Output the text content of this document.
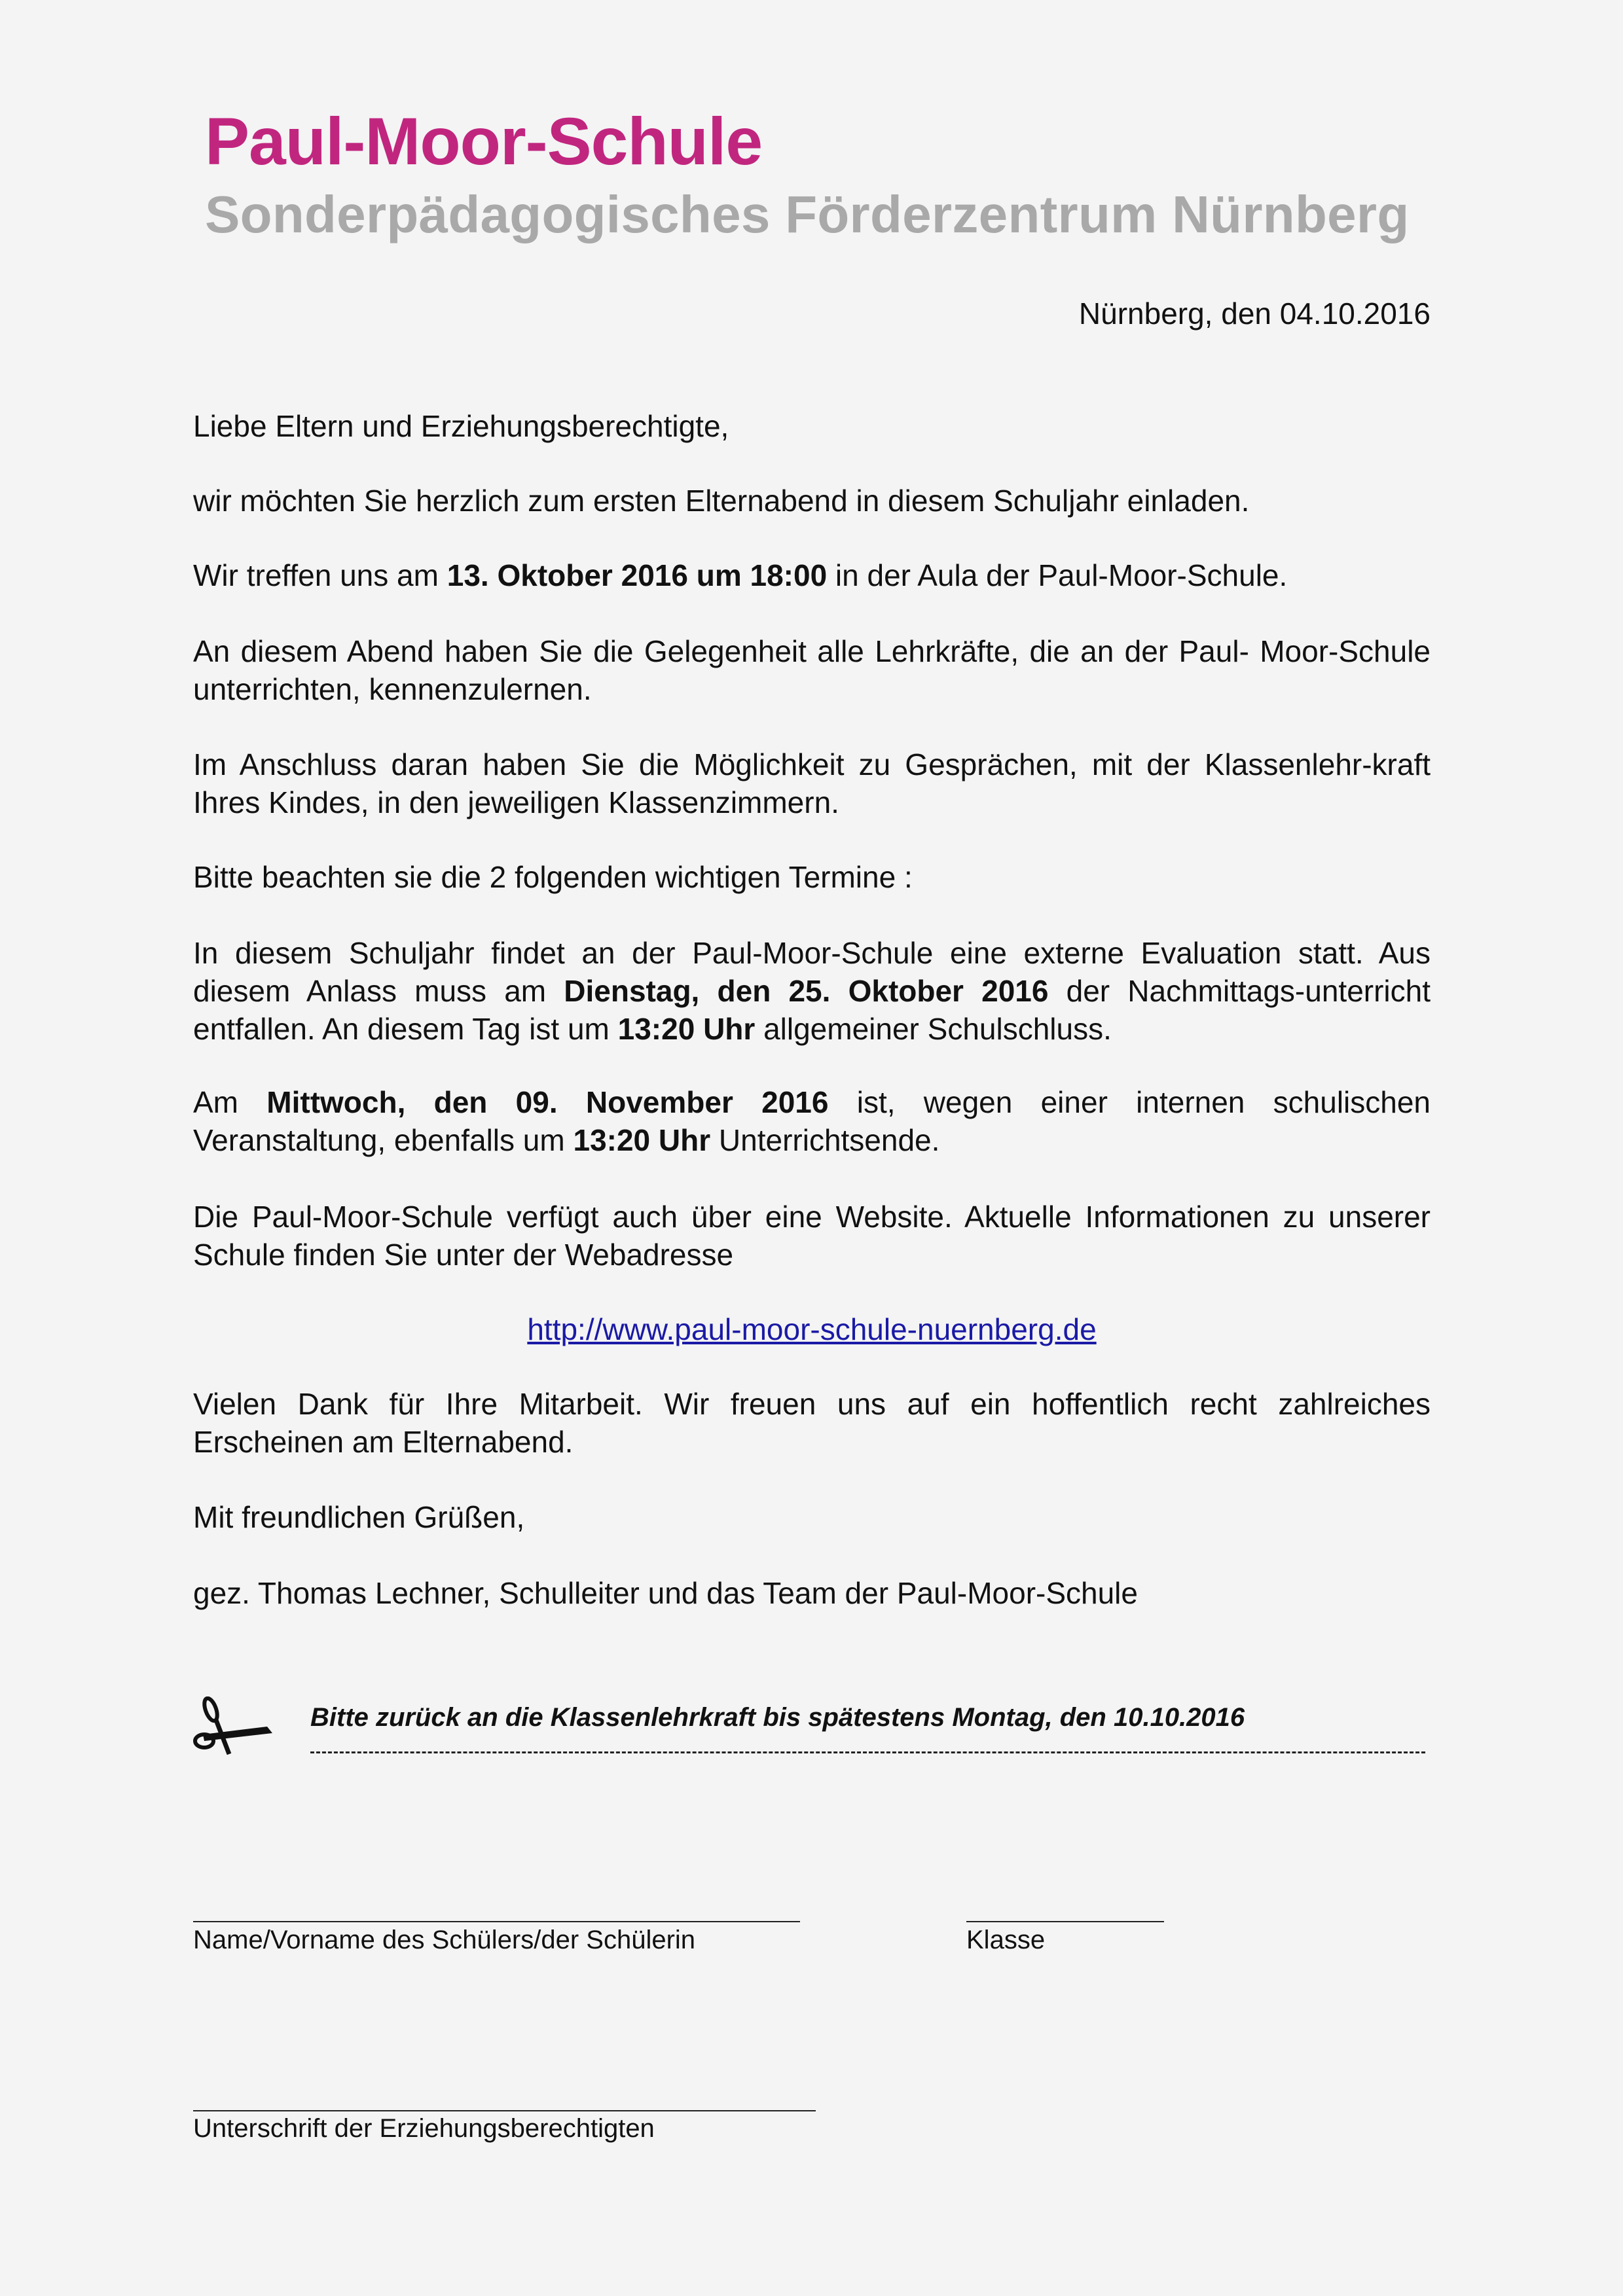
Paul-Moor-Schule
Sonderpädagogisches Förderzentrum Nürnberg
Nürnberg, den 04.10.2016
Liebe Eltern und Erziehungsberechtigte,
wir möchten Sie herzlich zum ersten Elternabend in diesem Schuljahr einladen.
Wir treffen uns am 13. Oktober 2016 um 18:00 in der Aula der Paul-Moor-Schule.
An diesem Abend haben Sie die Gelegenheit alle Lehrkräfte, die an der Paul- Moor-Schule unterrichten, kennenzulernen.
Im Anschluss daran haben Sie die Möglichkeit zu Gesprächen, mit der Klassenlehr-kraft Ihres Kindes, in den jeweiligen Klassenzimmern.
Bitte beachten sie die 2 folgenden wichtigen Termine :
In diesem Schuljahr findet an der Paul-Moor-Schule eine externe Evaluation statt. Aus diesem Anlass muss am Dienstag, den 25. Oktober 2016 der Nachmittags-unterricht entfallen. An diesem Tag ist um 13:20 Uhr allgemeiner Schulschluss.
Am Mittwoch, den 09. November 2016 ist, wegen einer internen schulischen Veranstaltung, ebenfalls um 13:20 Uhr Unterrichtsende.
Die Paul-Moor-Schule verfügt auch über eine Website. Aktuelle Informationen zu unserer Schule finden Sie unter der Webadresse
http://www.paul-moor-schule-nuernberg.de
Vielen Dank für Ihre Mitarbeit. Wir freuen uns auf ein hoffentlich recht zahlreiches Erscheinen am Elternabend.
Mit freundlichen Grüßen,
gez. Thomas Lechner, Schulleiter und das Team der Paul-Moor-Schule
Bitte zurück an die Klassenlehrkraft bis spätestens Montag, den 10.10.2016
Name/Vorname des Schülers/der Schülerin	Klasse
Unterschrift der Erziehungsberechtigten
